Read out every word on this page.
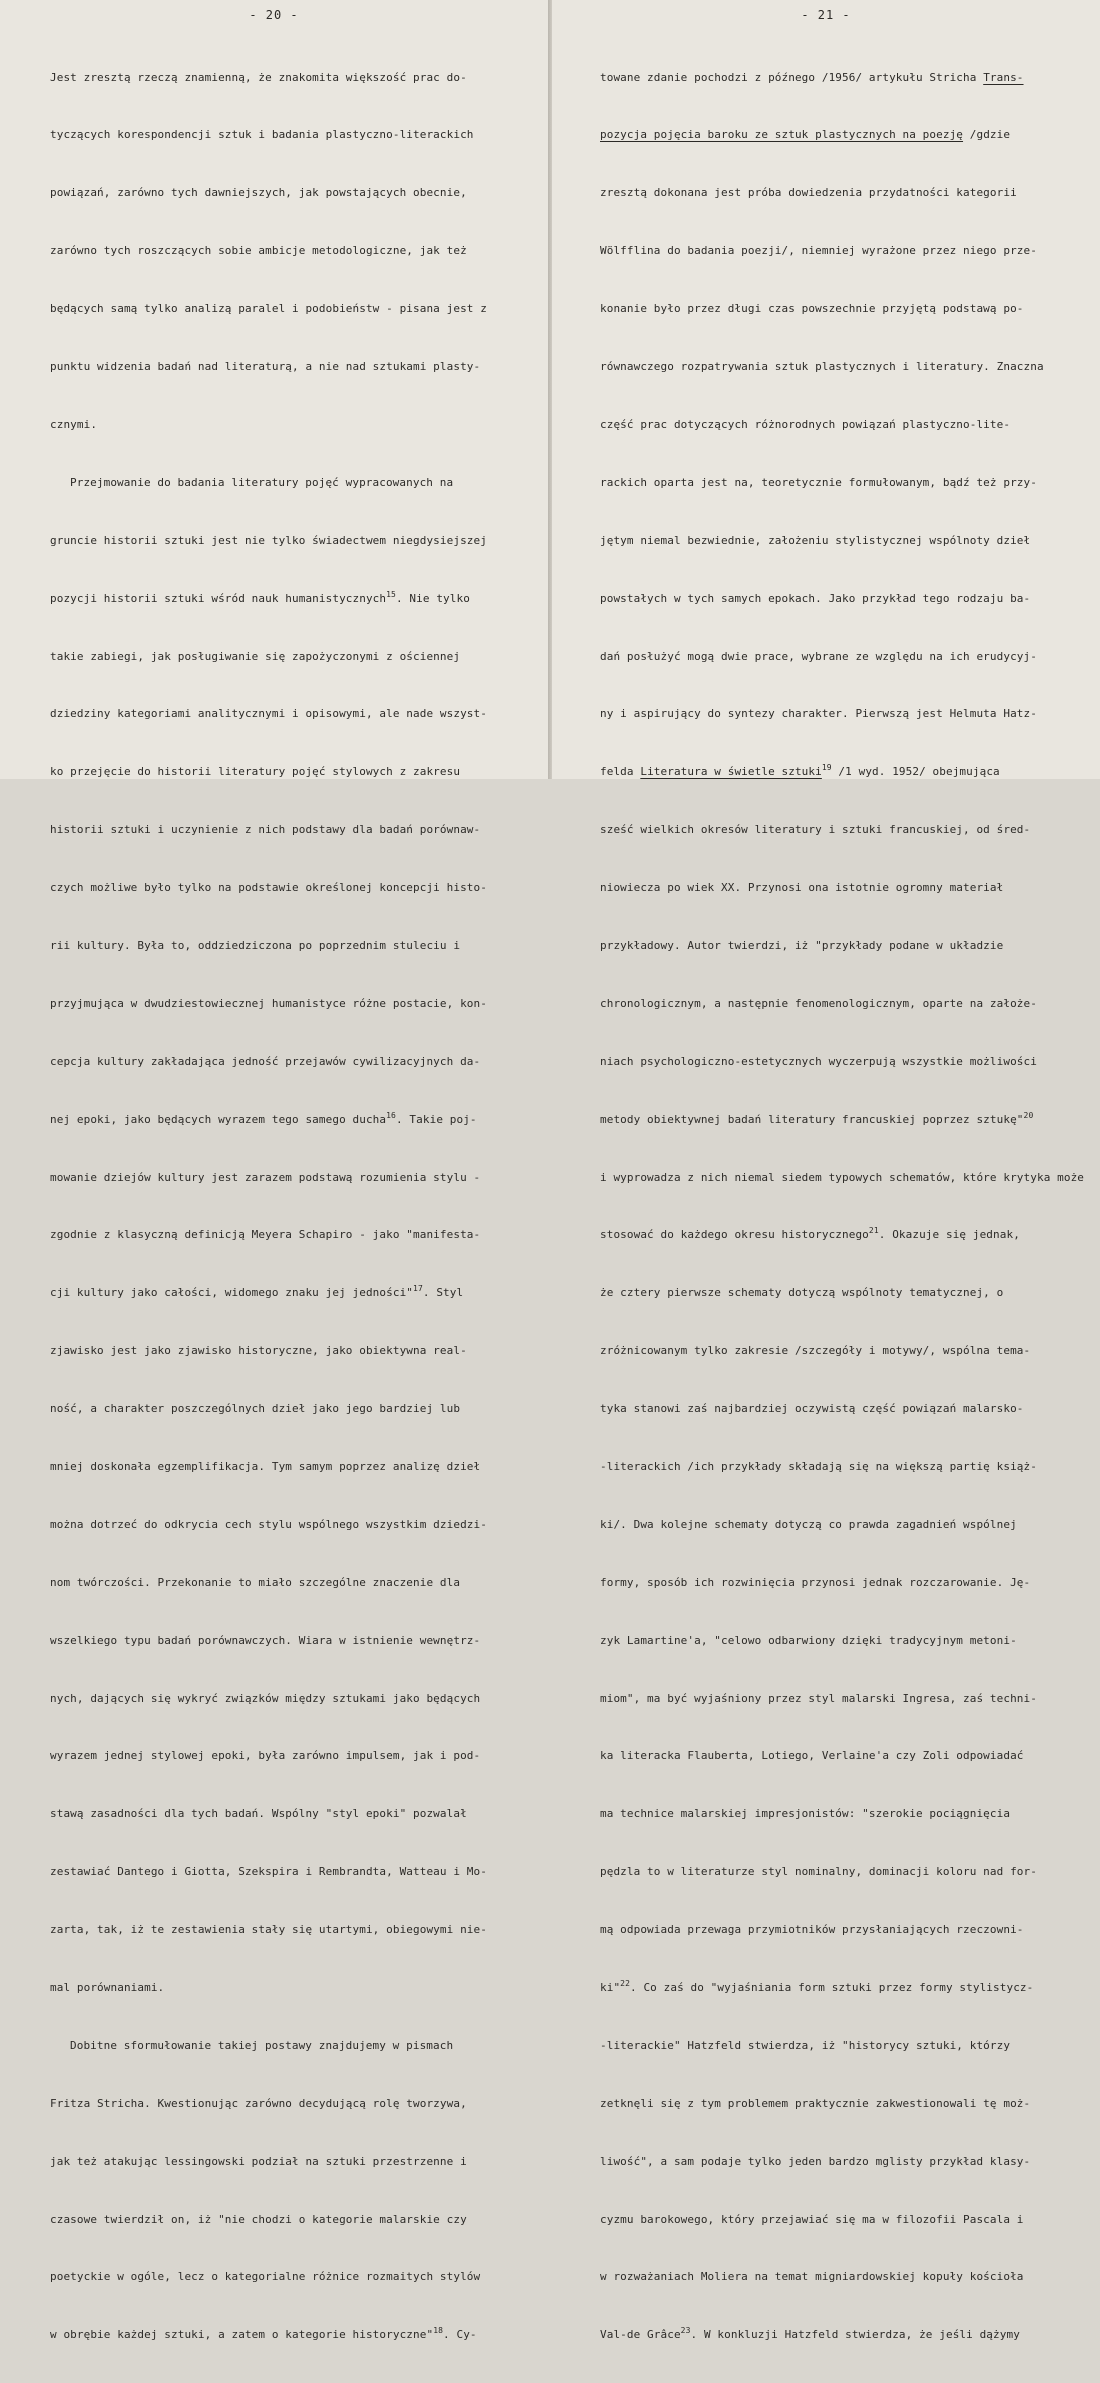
- 20 -

Jest zresztą rzeczą znamienną, że znakomita większość prac do-

tyczących korespondencji sztuk i badania plastyczno-literackich

powiązań, zarówno tych dawniejszych, jak powstających obecnie,

zarówno tych roszczących sobie ambicje metodologiczne, jak też

będących samą tylko analizą paralel i podobieństw - pisana jest z

punktu widzenia badań nad literaturą, a nie nad sztukami plasty-

cznymi.

Przejmowanie do badania literatury pojęć wypracowanych na

gruncie historii sztuki jest nie tylko świadectwem niegdysiejszej

pozycji historii sztuki wśród nauk humanistycznych$^{15}$. Nie tylko

takie zabiegi, jak posługiwanie się zapożyczonymi z ościennej

dziedziny kategoriami analitycznymi i opisowymi, ale nade wszyst-

ko przejęcie do historii literatury pojęć stylowych z zakresu

historii sztuki i uczynienie z nich podstawy dla badań porównaw-

czych możliwe było tylko na podstawie określonej koncepcji histo-

rii kultury. Była to, oddziedziczona po poprzednim stuleciu i

przyjmująca w dwudziestowiecznej humanistyce różne postacie, kon-

cepcja kultury zakładająca jedność przejawów cywilizacyjnych da-

nej epoki, jako będących wyrazem tego samego ducha$^{16}$. Takie poj-

mowanie dziejów kultury jest zarazem podstawą rozumienia stylu -

zgodnie z klasyczną definicją Meyera Schapiro - jako "manifesta-

cji kultury jako całości, widomego znaku jej jedności"$^{17}$. Styl

zjawisko jest jako zjawisko historyczne, jako obiektywna real-

ność, a charakter poszczególnych dzieł jako jego bardziej lub

mniej doskonała egzemplifikacja. Tym samym poprzez analizę dzieł

można dotrzeć do odkrycia cech stylu wspólnego wszystkim dziedzi-

nom twórczości. Przekonanie to miało szczególne znaczenie dla

wszelkiego typu badań porównawczych. Wiara w istnienie wewnętrz-

nych, dających się wykryć związków między sztukami jako będących

wyrazem jednej stylowej epoki, była zarówno impulsem, jak i pod-

stawą zasadności dla tych badań. Wspólny "styl epoki" pozwalał

zestawiać Dantego i Giotta, Szekspira i Rembrandta, Watteau i Mo-

zarta, tak, iż te zestawienia stały się utartymi, obiegowymi nie-

mal porównaniami.

Dobitne sformułowanie takiej postawy znajdujemy w pismach

Fritza Stricha. Kwestionując zarówno decydującą rolę tworzywa,

jak też atakując lessingowski podział na sztuki przestrzenne i

czasowe twierdził on, iż "nie chodzi o kategorie malarskie czy

poetyckie w ogóle, lecz o kategorialne różnice rozmaitych stylów

w obrębie każdej sztuki, a zatem o kategorie historyczne"$^{18}$. Cy-

- 21 -

towane zdanie pochodzi z późnego /1956/ artykułu Stricha Trans-

pozycja pojęcia baroku ze sztuk plastycznych na poezję /gdzie

zresztą dokonana jest próba dowiedzenia przydatności kategorii

Wölfflina do badania poezji/, niemniej wyrażone przez niego prze-

konanie było przez długi czas powszechnie przyjętą podstawą po-

równawczego rozpatrywania sztuk plastycznych i literatury. Znaczna

część prac dotyczących różnorodnych powiązań plastyczno-lite-

rackich oparta jest na, teoretycznie formułowanym, bądź też przy-

jętym niemal bezwiednie, założeniu stylistycznej wspólnoty dzieł

powstałych w tych samych epokach. Jako przykład tego rodzaju ba-

dań posłużyć mogą dwie prace, wybrane ze względu na ich erudycyj-

ny i aspirujący do syntezy charakter. Pierwszą jest Helmuta Hatz-

felda Literatura w świetle sztuki$^{19}$ /1 wyd. 1952/ obejmująca

sześć wielkich okresów literatury i sztuki francuskiej, od śred-

niowiecza po wiek XX. Przynosi ona istotnie ogromny materiał

przykładowy. Autor twierdzi, iż "przykłady podane w układzie

chronologicznym, a następnie fenomenologicznym, oparte na założe-

niach psychologiczno-estetycznych wyczerpują wszystkie możliwości

metody obiektywnej badań literatury francuskiej poprzez sztukę"$^{20}$

i wyprowadza z nich niemal siedem typowych schematów, które krytyka może

stosować do każdego okresu historycznego$^{21}$. Okazuje się jednak,

że cztery pierwsze schematy dotyczą wspólnoty tematycznej, o

zróżnicowanym tylko zakresie /szczegóły i motywy/, wspólna tema-

tyka stanowi zaś najbardziej oczywistą część powiązań malarsko-

-literackich /ich przykłady składają się na większą partię książ-

ki/. Dwa kolejne schematy dotyczą co prawda zagadnień wspólnej

formy, sposób ich rozwinięcia przynosi jednak rozczarowanie. Ję-

zyk Lamartine'a, "celowo odbarwiony dzięki tradycyjnym metoni-

miom", ma być wyjaśniony przez styl malarski Ingresa, zaś techni-

ka literacka Flauberta, Lotiego, Verlaine'a czy Zoli odpowiadać

ma technice malarskiej impresjonistów: "szerokie pociągnięcia

pędzla to w literaturze styl nominalny, dominacji koloru nad for-

mą odpowiada przewaga przymiotników przysłaniających rzeczowni-

ki"$^{22}$. Co zaś do "wyjaśniania form sztuki przez formy stylistycz-

-literackie" Hatzfeld stwierdza, iż "historycy sztuki, którzy

zetknęli się z tym problemem praktycznie zakwestionowali tę moż-

liwość", a sam podaje tylko jeden bardzo mglisty przykład klasy-

cyzmu barokowego, który przejawiać się ma w filozofii Pascala i

w rozważaniach Moliera na temat migniardowskiej kopuły kościoła

Val-de Grâce$^{23}$. W konkluzji Hatzfeld stwierdza, że jeśli dążymy
